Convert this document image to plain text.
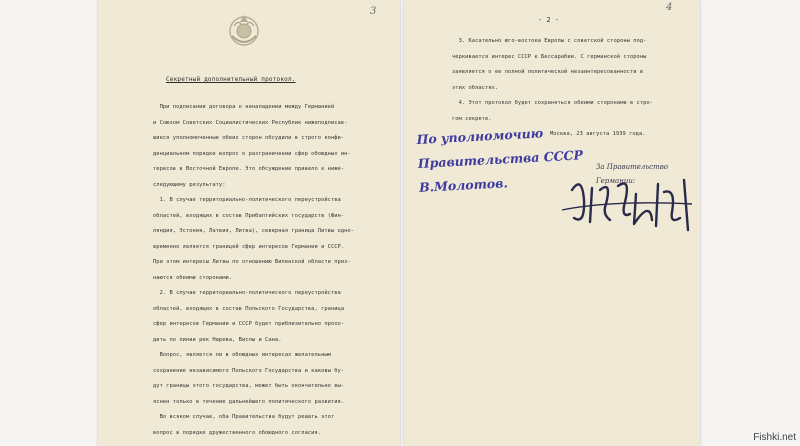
3
Секретный дополнительный протокол.
При подписании договора о ненападении между Германией
и Союзом Советских Социалистических Республик нижеподписав-
шиеся уполномоченные обеих сторон обсудили в строго конфи-
денциальном порядке вопрос о разграничении сфер обоюдных ин-
тересов в Восточной Европе. Это обсуждение привело к ниже-
следующему результату:
1. В случае территориально-политического переустройства
областей, входящих в состав Прибалтийских государств (Фин-
ляндия, Эстония, Латвия, Литва), северная граница Литвы одно-
временно является границей сфер интересов Германии и СССР.
При этом интересы Литвы по отношению Виленской области приз-
наются обеими сторонами.
2. В случае территориально-политического переустройства
областей, входящих в состав Польского Государства, граница
сфер интересов Германии и СССР будет приблизительно прохо-
дить по линии рек Нарева, Вислы и Сана.
Вопрос, является ли в обоюдных интересах желательным
сохранение независимого Польского Государства и каковы бу-
дут границы этого государства, может быть окончательно вы-
яснен только в течение дальнейшего политического развития.
Во всяком случае, оба Правительства будут решать этот
вопрос в порядке дружественного обоюдного согласия.
4
- 2 -
3. Касательно юго-востока Европы с советской стороны под-
черкивается интерес СССР к Бессарабии. С германской стороны
заявляется о ее полной политической незаинтересованности в
этих областях.
4. Этот протокол будет сохраняться обеими сторонами в стро-
гом секрете.
Москва, 23 августа 1939 года.
По уполномочию
Правительства СССР
В.Молотов.
За Правительство
Германии:
Fishki.net
